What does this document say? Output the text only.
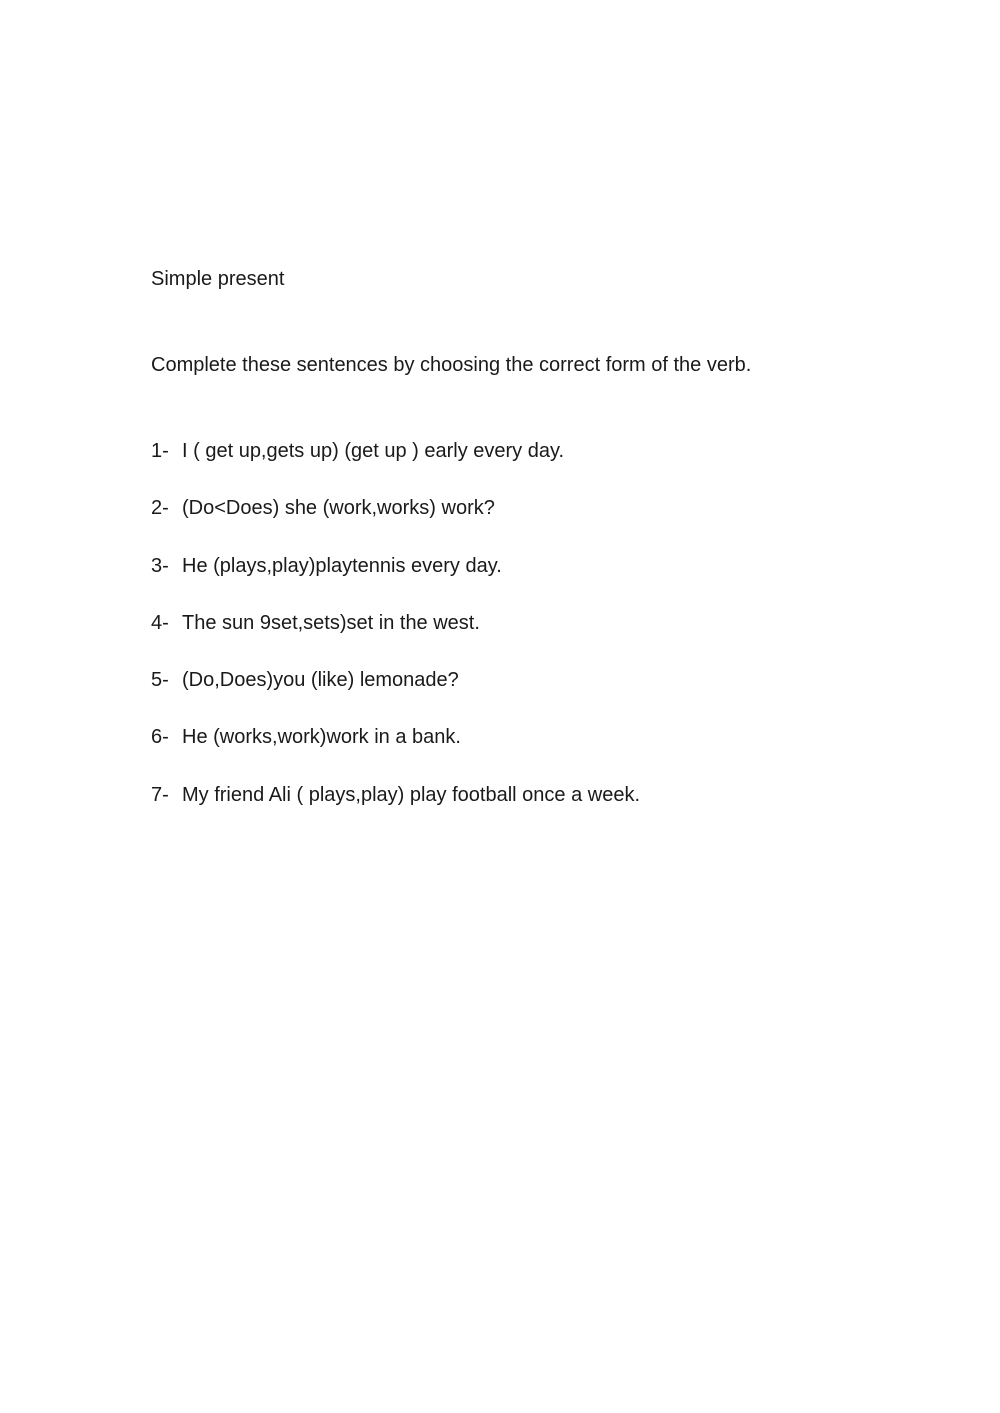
Simple present
Complete these sentences by choosing the correct form of the verb.
1- I ( get up,gets up) (get up ) early every day.
2- (Do<Does) she (work,works) work?
3- He (plays,play)playtennis every day.
4- The sun 9set,sets)set in the west.
5- (Do,Does)you (like) lemonade?
6- He (works,work)work in a bank.
7- My friend Ali ( plays,play) play football once a week.
